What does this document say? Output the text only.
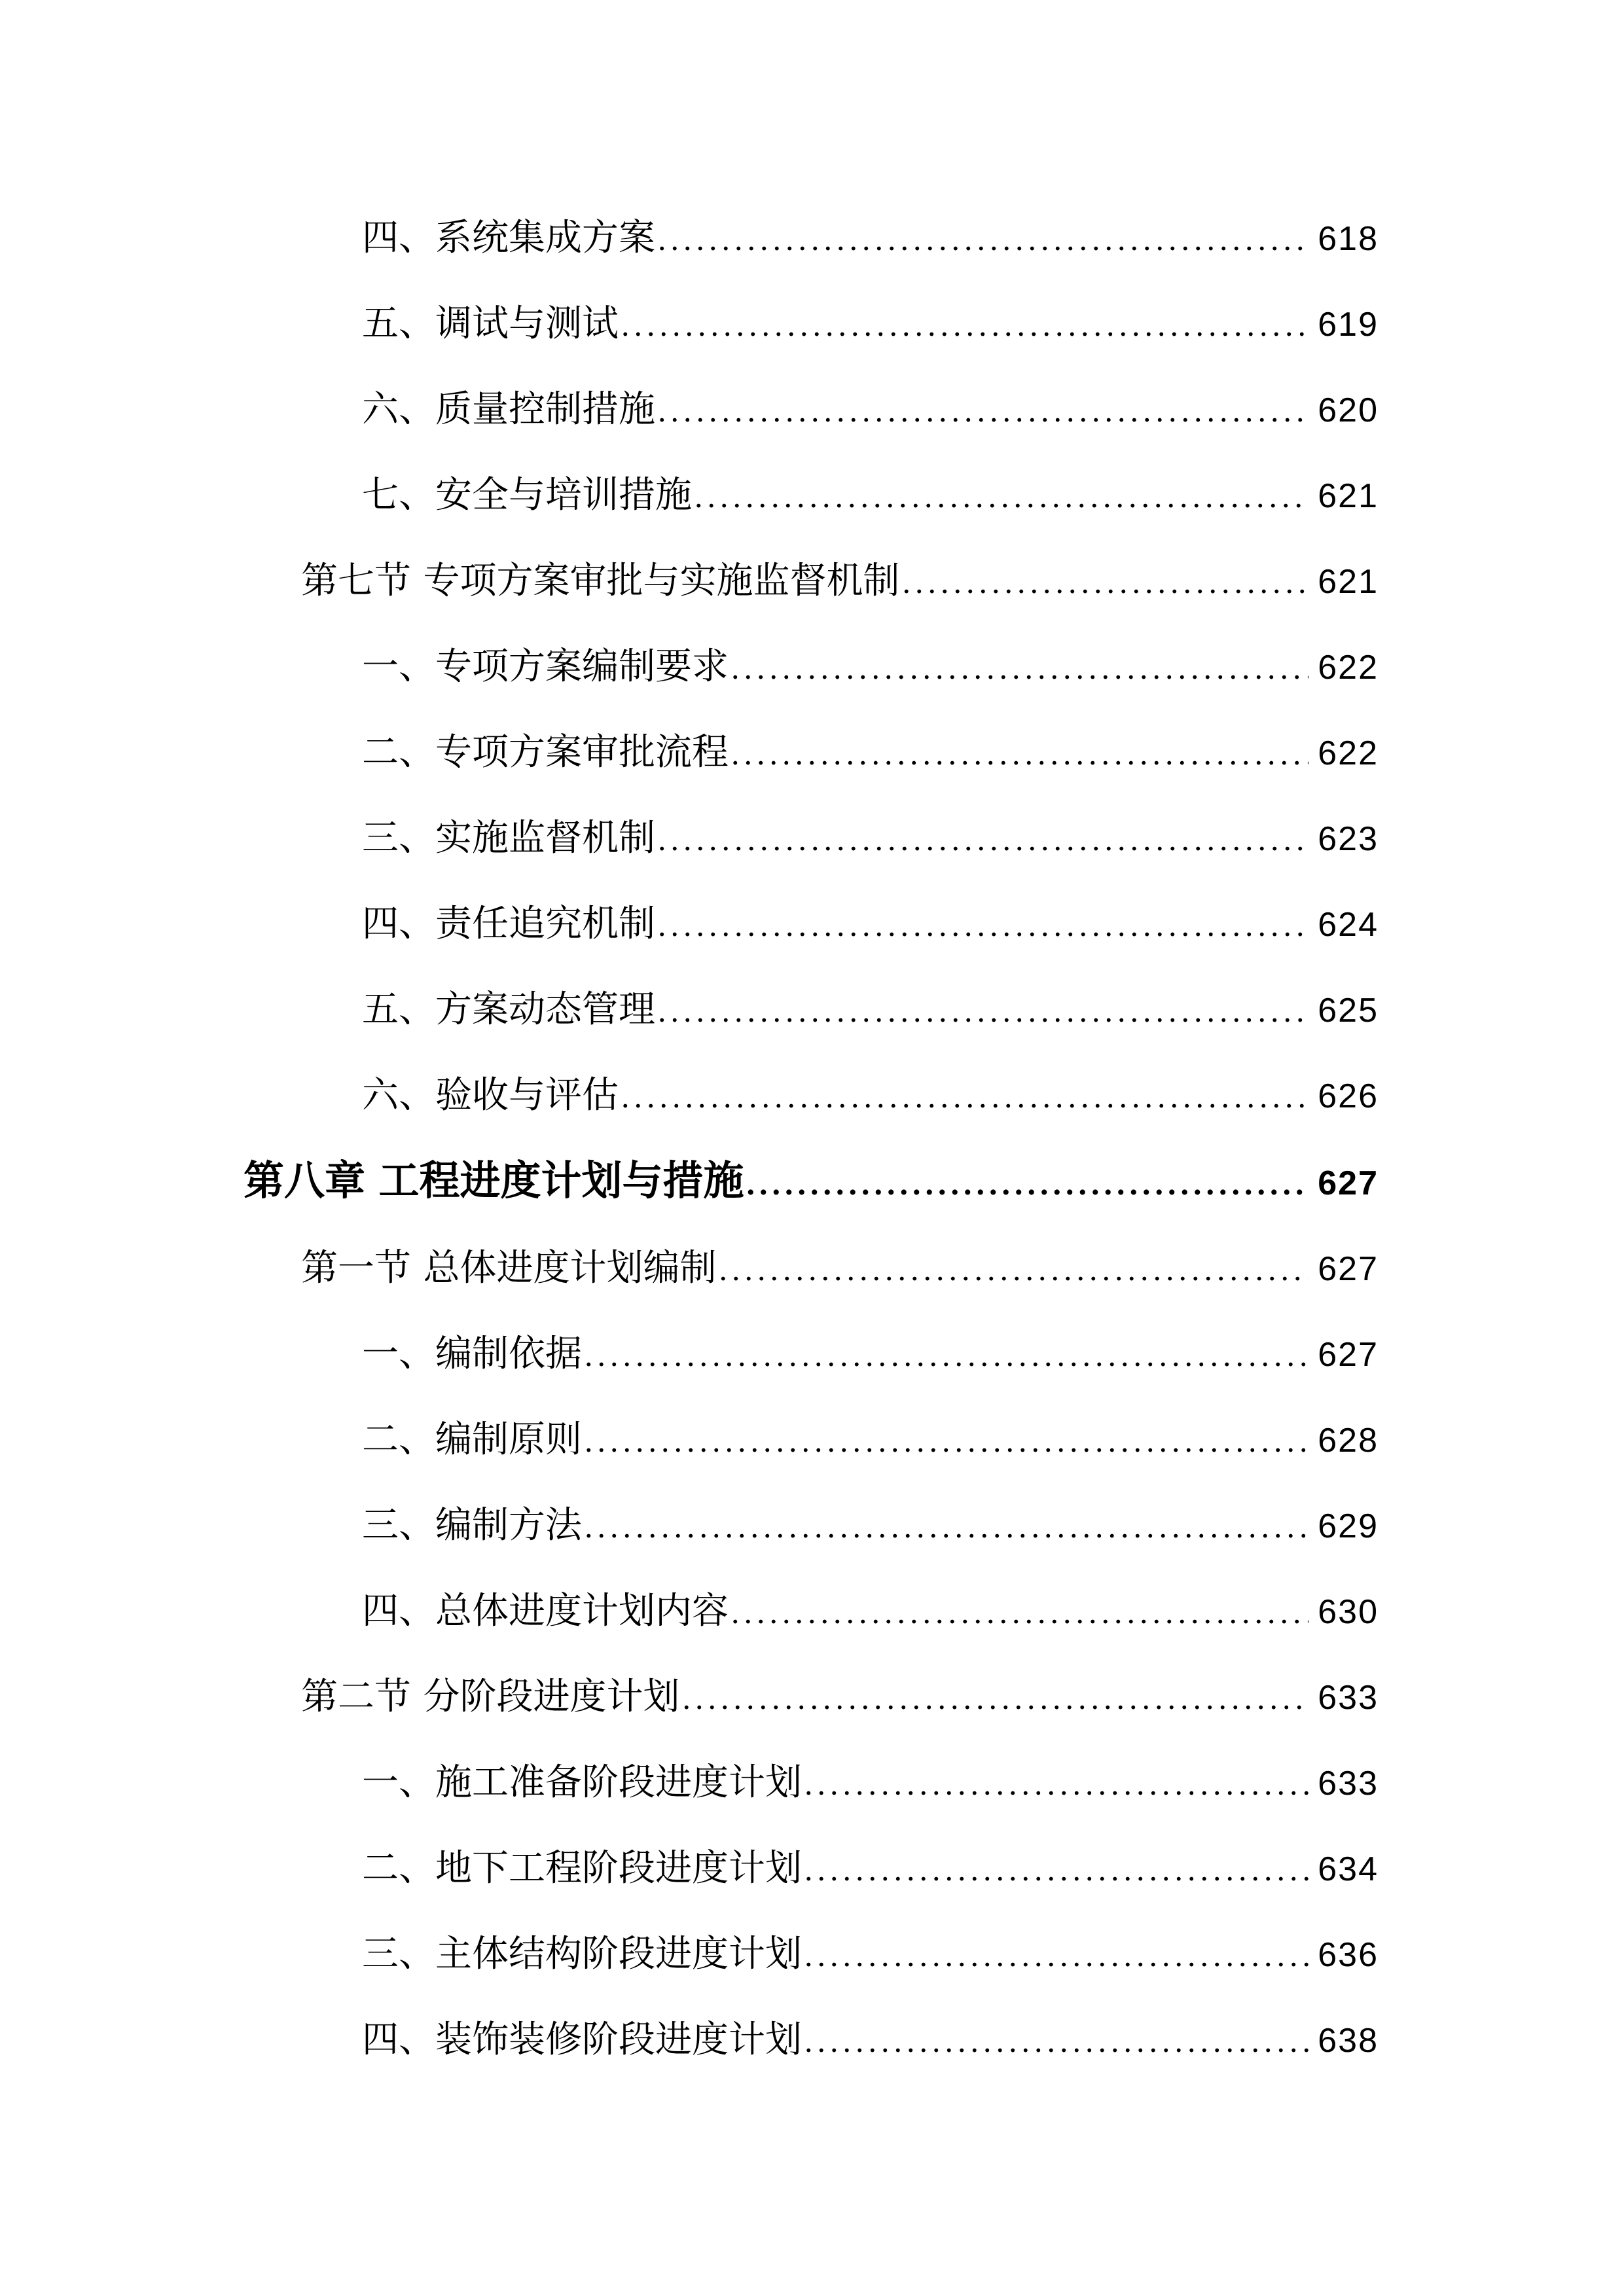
四、 系统集成方案 .....	618
五、 调试与测试 .....	619
六、 质量控制措施 .....	620
七、 安全与培训措施 .....	621
第七节 专项方案审批与实施监督机制 .....	621
一、 专项方案编制要求 .....	622
二、 专项方案审批流程 .....	622
三、 实施监督机制 .....	623
四、 责任追究机制 .....	624
五、 方案动态管理 .....	625
六、 验收与评估 .....	626
第八章 工程进度计划与措施 .....	627
第一节 总体进度计划编制 .....	627
一、 编制依据 .....	627
二、 编制原则 .....	628
三、 编制方法 .....	629
四、 总体进度计划内容 .....	630
第二节 分阶段进度计划 .....	633
一、 施工准备阶段进度计划 .....	633
二、 地下工程阶段进度计划 .....	634
三、 主体结构阶段进度计划 .....	636
四、 装饰装修阶段进度计划 .....	638
